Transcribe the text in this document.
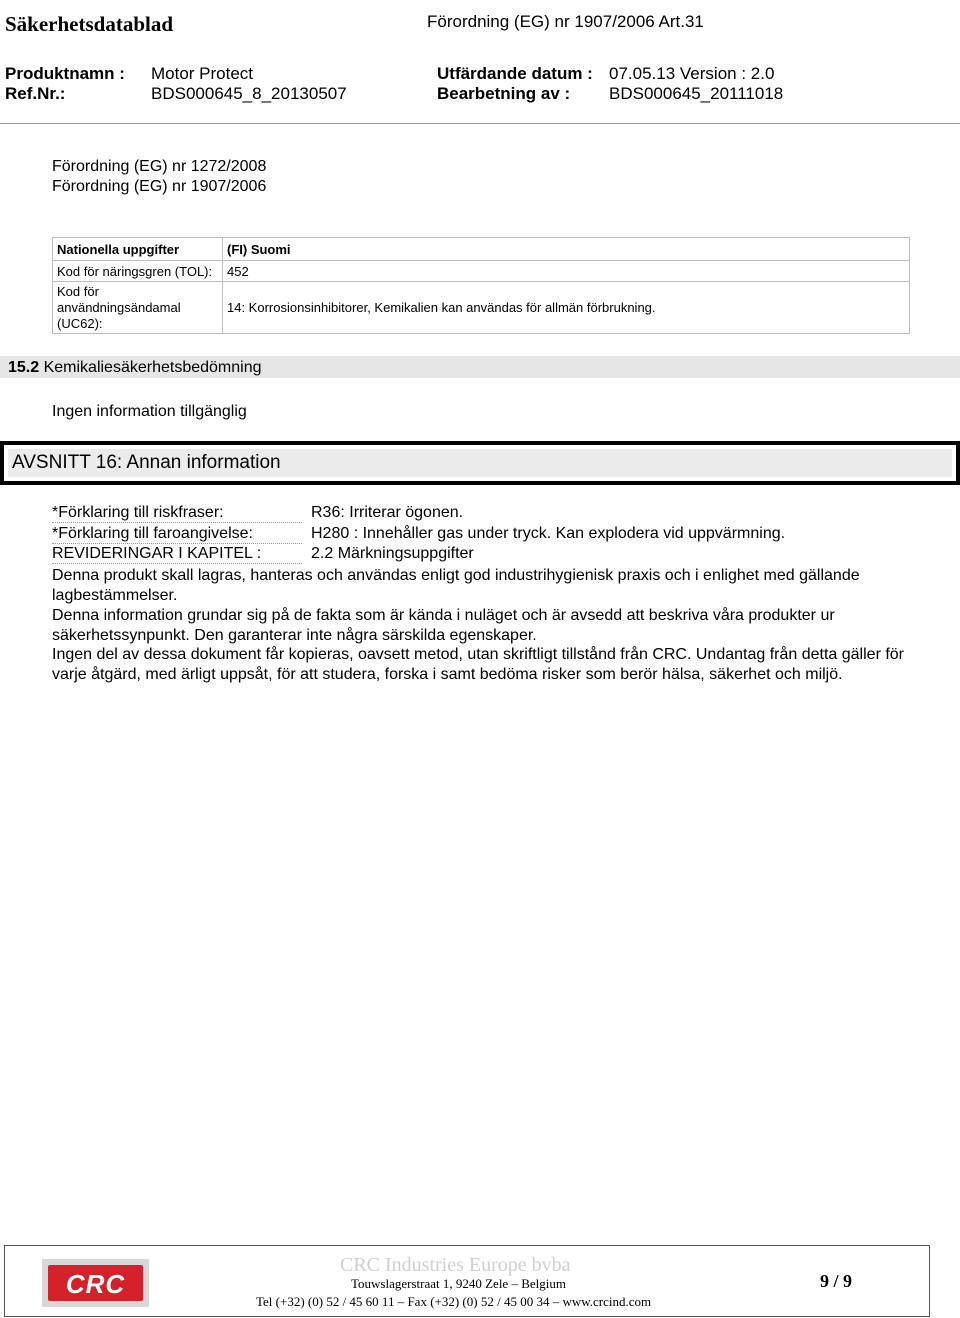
Säkerhetsdatablad	Förordning (EG) nr 1907/2006 Art.31
Produktnamn : Motor Protect	Utfärdande datum : 07.05.13 Version : 2.0
Ref.Nr.:	BDS000645_8_20130507	Bearbetning av : BDS000645_20111018
Förordning (EG) nr 1272/2008
Förordning (EG) nr 1907/2006
Nationella uppgifter	(FI) Suomi
Kod för näringsgren (TOL):	452
Kod för användningsändamal (UC62):	14: Korrosionsinhibitorer, Kemikalien kan användas för allmän förbrukning.
15.2 Kemikaliesäkerhetsbedömning
Ingen information tillgänglig
AVSNITT 16: Annan information
*Förklaring till riskfraser:	R36: Irriterar ögonen.
*Förklaring till faroangivelse:	H280 : Innehåller gas under tryck. Kan explodera vid uppvärmning.
REVIDERINGAR I KAPITEL :	2.2 Märkningsuppgifter
Denna produkt skall lagras, hanteras och användas enligt god industrihygienisk praxis och i enlighet med gällande lagbestämmelser.
Denna information grundar sig på de fakta som är kända i nuläget och är avsedd att beskriva våra produkter ur säkerhetssynpunkt. Den garanterar inte några särskilda egenskaper.
Ingen del av dessa dokument får kopieras, oavsett metod, utan skriftligt tillstånd från CRC. Undantag från detta gäller för varje åtgärd, med ärligt uppsåt, för att studera, forska i samt bedöma risker som berör hälsa, säkerhet och miljö.
CRC
CRC Industries Europe bvba
Touwslagerstraat 1, 9240 Zele – Belgium
Tel (+32) (0) 52 / 45 60 11 – Fax (+32) (0) 52 / 45 00 34 – www.crcind.com
9 / 9
